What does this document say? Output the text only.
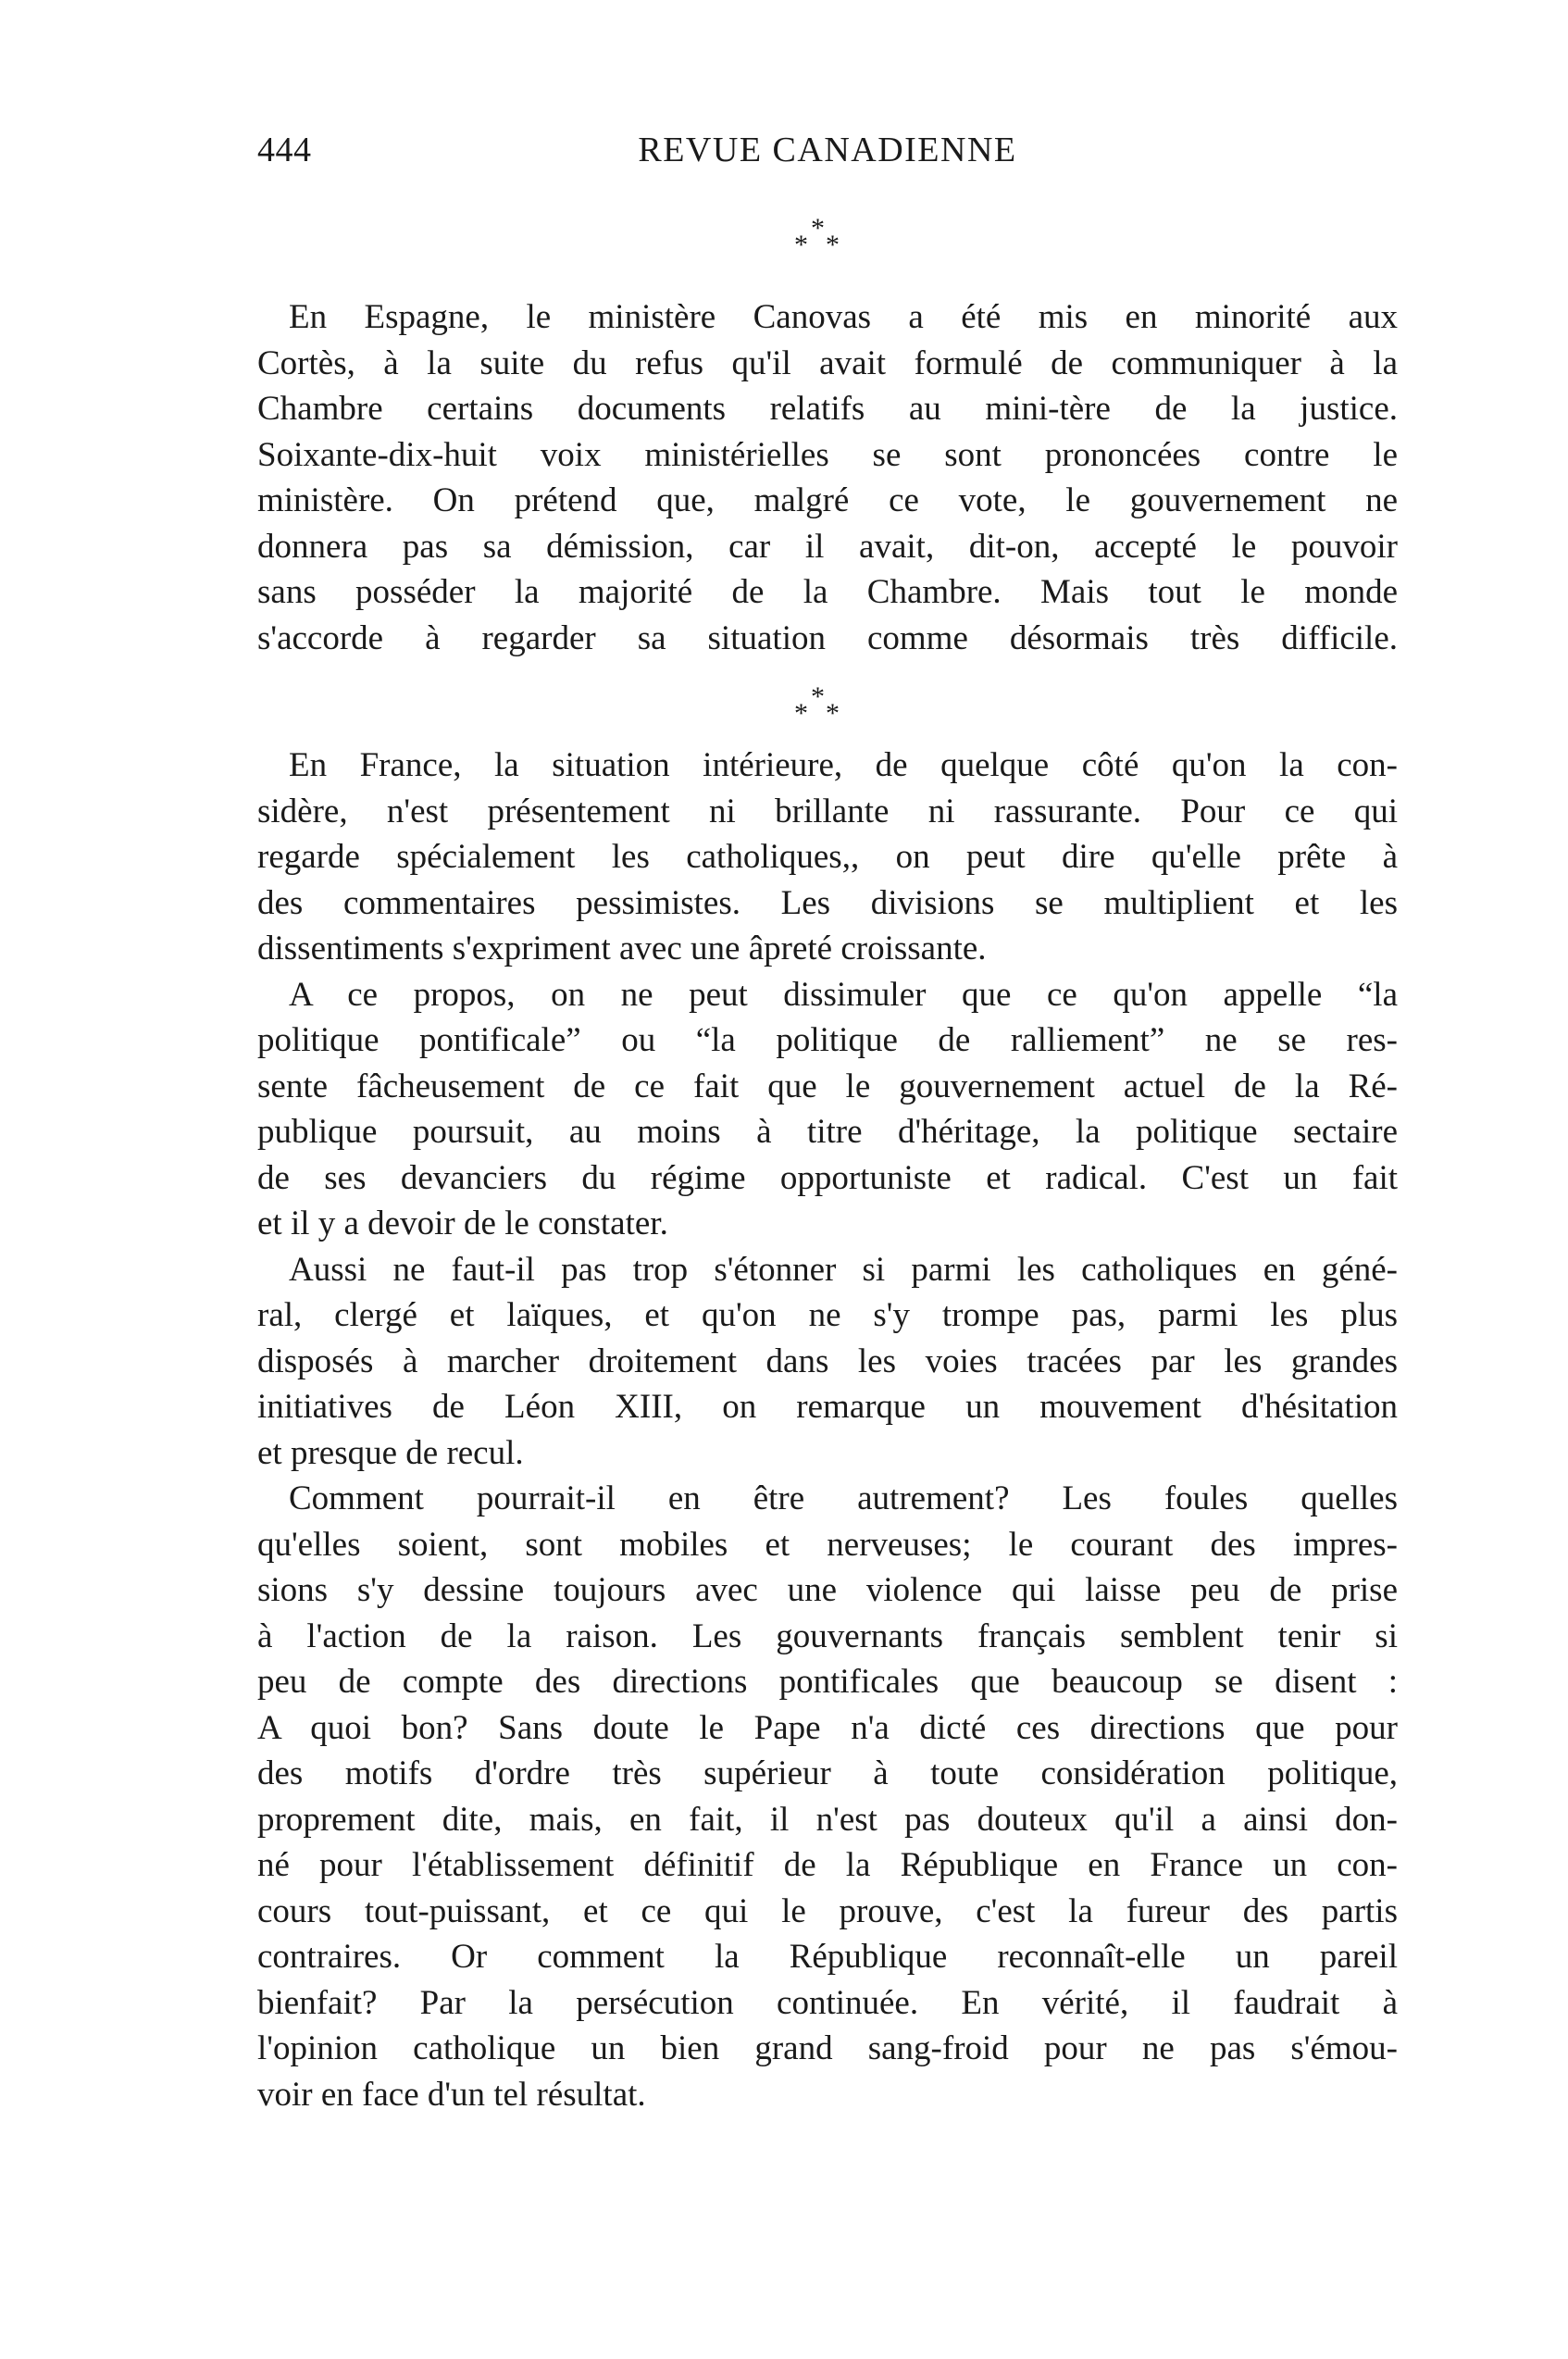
444	REVUE CANADIENNE
*
* *
En Espagne, le ministère Canovas a été mis en minorité aux
Cortès, à la suite du refus qu'il avait formulé de communiquer à la
Chambre certains documents relatifs au mini-tère de la justice.
Soixante-dix-huit voix ministérielles se sont prononcées contre le
ministère. On prétend que, malgré ce vote, le gouvernement ne
donnera pas sa démission, car il avait, dit-on, accepté le pouvoir
sans posséder la majorité de la Chambre. Mais tout le monde
s'accorde à regarder sa situation comme désormais très difficile.
*
* *
En France, la situation intérieure, de quelque côté qu'on la con-
sidère, n'est présentement ni brillante ni rassurante. Pour ce qui
regarde spécialement les catholiques,, on peut dire qu'elle prête à
des commentaires pessimistes. Les divisions se multiplient et les
dissentiments s'expriment avec une âpreté croissante.
A ce propos, on ne peut dissimuler que ce qu'on appelle “la
politique pontificale” ou “la politique de ralliement” ne se res-
sente fâcheusement de ce fait que le gouvernement actuel de la Ré-
publique poursuit, au moins à titre d'héritage, la politique sectaire
de ses devanciers du régime opportuniste et radical. C'est un fait
et il y a devoir de le constater.
Aussi ne faut-il pas trop s'étonner si parmi les catholiques en géné-
ral, clergé et laïques, et qu'on ne s'y trompe pas, parmi les plus
disposés à marcher droitement dans les voies tracées par les grandes
initiatives de Léon XIII, on remarque un mouvement d'hésitation
et presque de recul.
Comment pourrait-il en être autrement? Les foules quelles
qu'elles soient, sont mobiles et nerveuses; le courant des impres-
sions s'y dessine toujours avec une violence qui laisse peu de prise
à l'action de la raison. Les gouvernants français semblent tenir si
peu de compte des directions pontificales que beaucoup se disent :
A quoi bon? Sans doute le Pape n'a dicté ces directions que pour
des motifs d'ordre très supérieur à toute considération politique,
proprement dite, mais, en fait, il n'est pas douteux qu'il a ainsi don-
né pour l'établissement définitif de la République en France un con-
cours tout-puissant, et ce qui le prouve, c'est la fureur des partis
contraires. Or comment la République reconnaît-elle un pareil
bienfait? Par la persécution continuée. En vérité, il faudrait à
l'opinion catholique un bien grand sang-froid pour ne pas s'émou-
voir en face d'un tel résultat.
